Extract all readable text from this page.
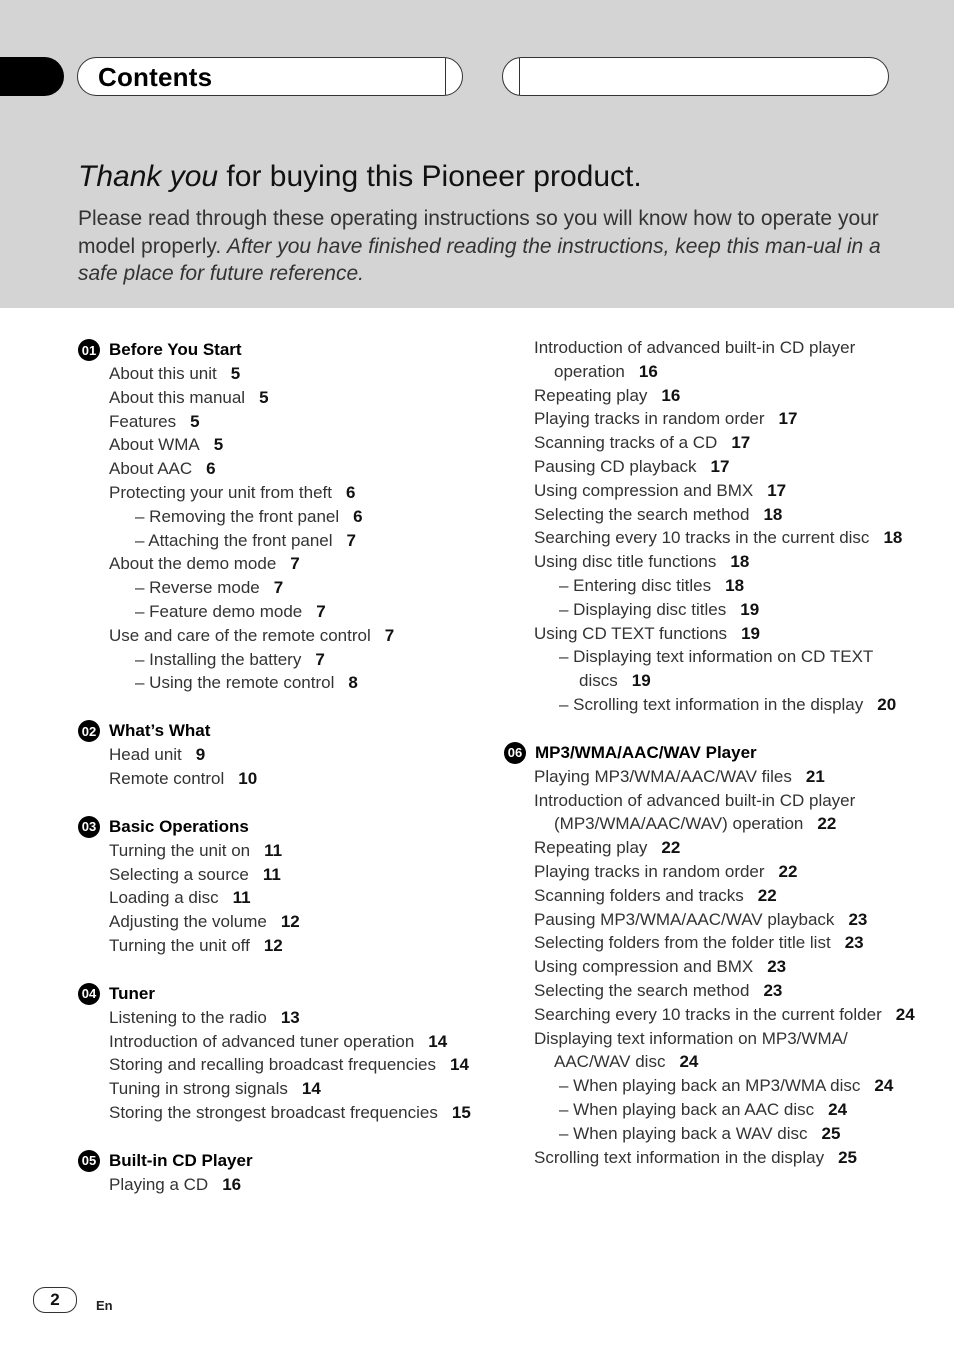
Contents
Thank you for buying this Pioneer product.
Please read through these operating instructions so you will know how to operate your model properly. After you have finished reading the instructions, keep this man-ual in a safe place for future reference.
01 Before You Start
About this unit 5
About this manual 5
Features 5
About WMA 5
About AAC 6
Protecting your unit from theft 6
– Removing the front panel 6
– Attaching the front panel 7
About the demo mode 7
– Reverse mode 7
– Feature demo mode 7
Use and care of the remote control 7
– Installing the battery 7
– Using the remote control 8
02 What’s What
Head unit 9
Remote control 10
03 Basic Operations
Turning the unit on 11
Selecting a source 11
Loading a disc 11
Adjusting the volume 12
Turning the unit off 12
04 Tuner
Listening to the radio 13
Introduction of advanced tuner operation 14
Storing and recalling broadcast frequencies 14
Tuning in strong signals 14
Storing the strongest broadcast frequencies 15
05 Built-in CD Player
Playing a CD 16
Introduction of advanced built-in CD player operation 16
Repeating play 16
Playing tracks in random order 17
Scanning tracks of a CD 17
Pausing CD playback 17
Using compression and BMX 17
Selecting the search method 18
Searching every 10 tracks in the current disc 18
Using disc title functions 18
– Entering disc titles 18
– Displaying disc titles 19
Using CD TEXT functions 19
– Displaying text information on CD TEXT discs 19
– Scrolling text information in the display 20
06 MP3/WMA/AAC/WAV Player
Playing MP3/WMA/AAC/WAV files 21
Introduction of advanced built-in CD player (MP3/WMA/AAC/WAV) operation 22
Repeating play 22
Playing tracks in random order 22
Scanning folders and tracks 22
Pausing MP3/WMA/AAC/WAV playback 23
Selecting folders from the folder title list 23
Using compression and BMX 23
Selecting the search method 23
Searching every 10 tracks in the current folder 24
Displaying text information on MP3/WMA/ AAC/WAV disc 24
– When playing back an MP3/WMA disc 24
– When playing back an AAC disc 24
– When playing back a WAV disc 25
Scrolling text information in the display 25
2	En
